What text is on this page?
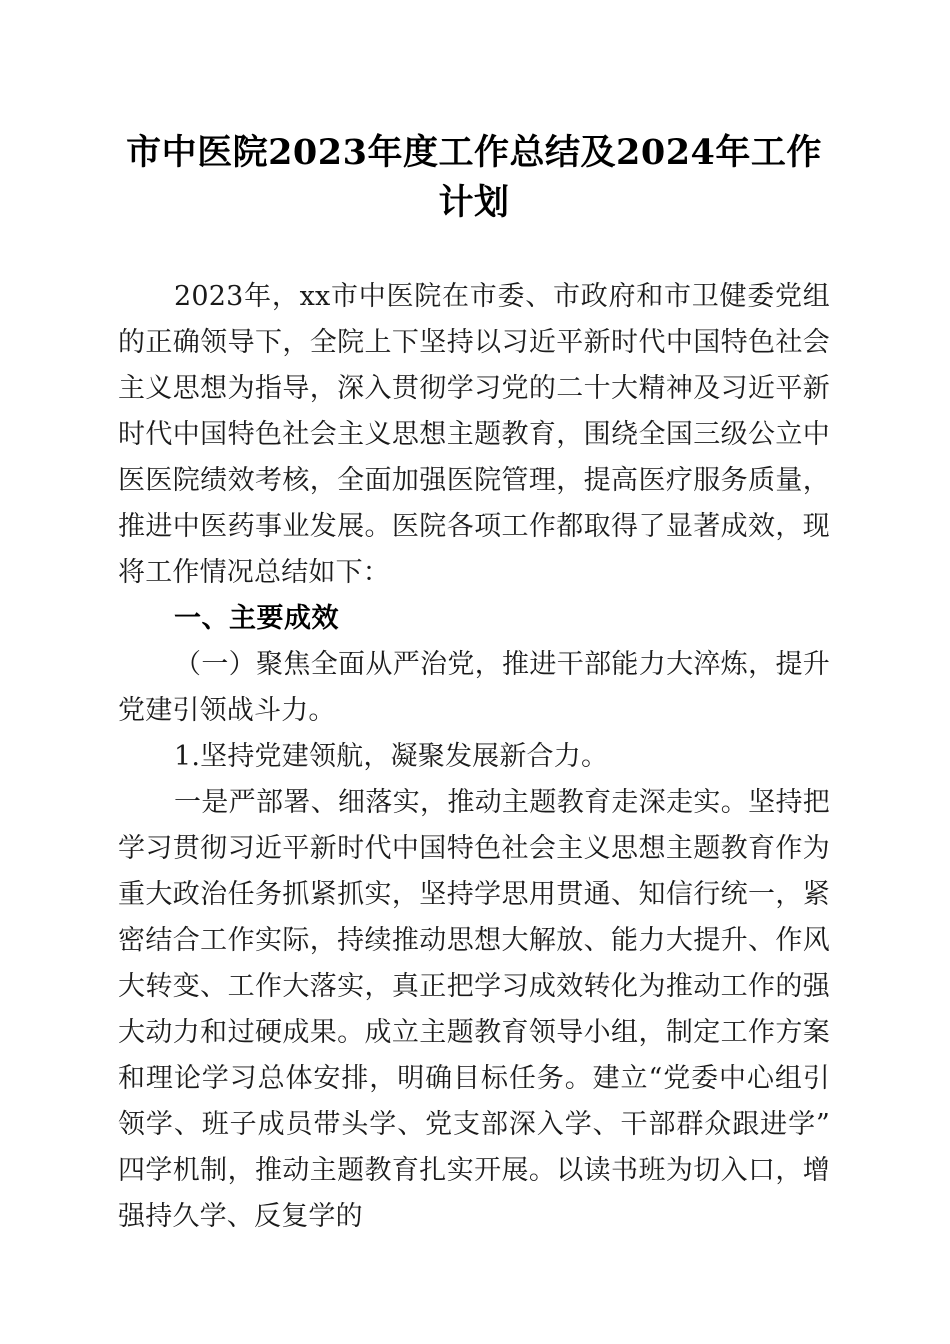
市中医院2023年度工作总结及2024年工作计划

2023年，xx市中医院在市委、市政府和市卫健委党组的正确领导下，全院上下坚持以习近平新时代中国特色社会主义思想为指导，深入贯彻学习党的二十大精神及习近平新时代中国特色社会主义思想主题教育，围绕全国三级公立中医医院绩效考核，全面加强医院管理，提高医疗服务质量，推进中医药事业发展。医院各项工作都取得了显著成效，现将工作情况总结如下：

一、主要成效

（一）聚焦全面从严治党，推进干部能力大淬炼，提升党建引领战斗力。

1.坚持党建领航，凝聚发展新合力。

一是严部署、细落实，推动主题教育走深走实。坚持把学习贯彻习近平新时代中国特色社会主义思想主题教育作为重大政治任务抓紧抓实，坚持学思用贯通、知信行统一，紧密结合工作实际，持续推动思想大解放、能力大提升、作风大转变、工作大落实，真正把学习成效转化为推动工作的强大动力和过硬成果。成立主题教育领导小组，制定工作方案和理论学习总体安排，明确目标任务。建立“党委中心组引领学、班子成员带头学、党支部深入学、干部群众跟进学”四学机制，推动主题教育扎实开展。以读书班为切入口，增强持久学、反复学的
